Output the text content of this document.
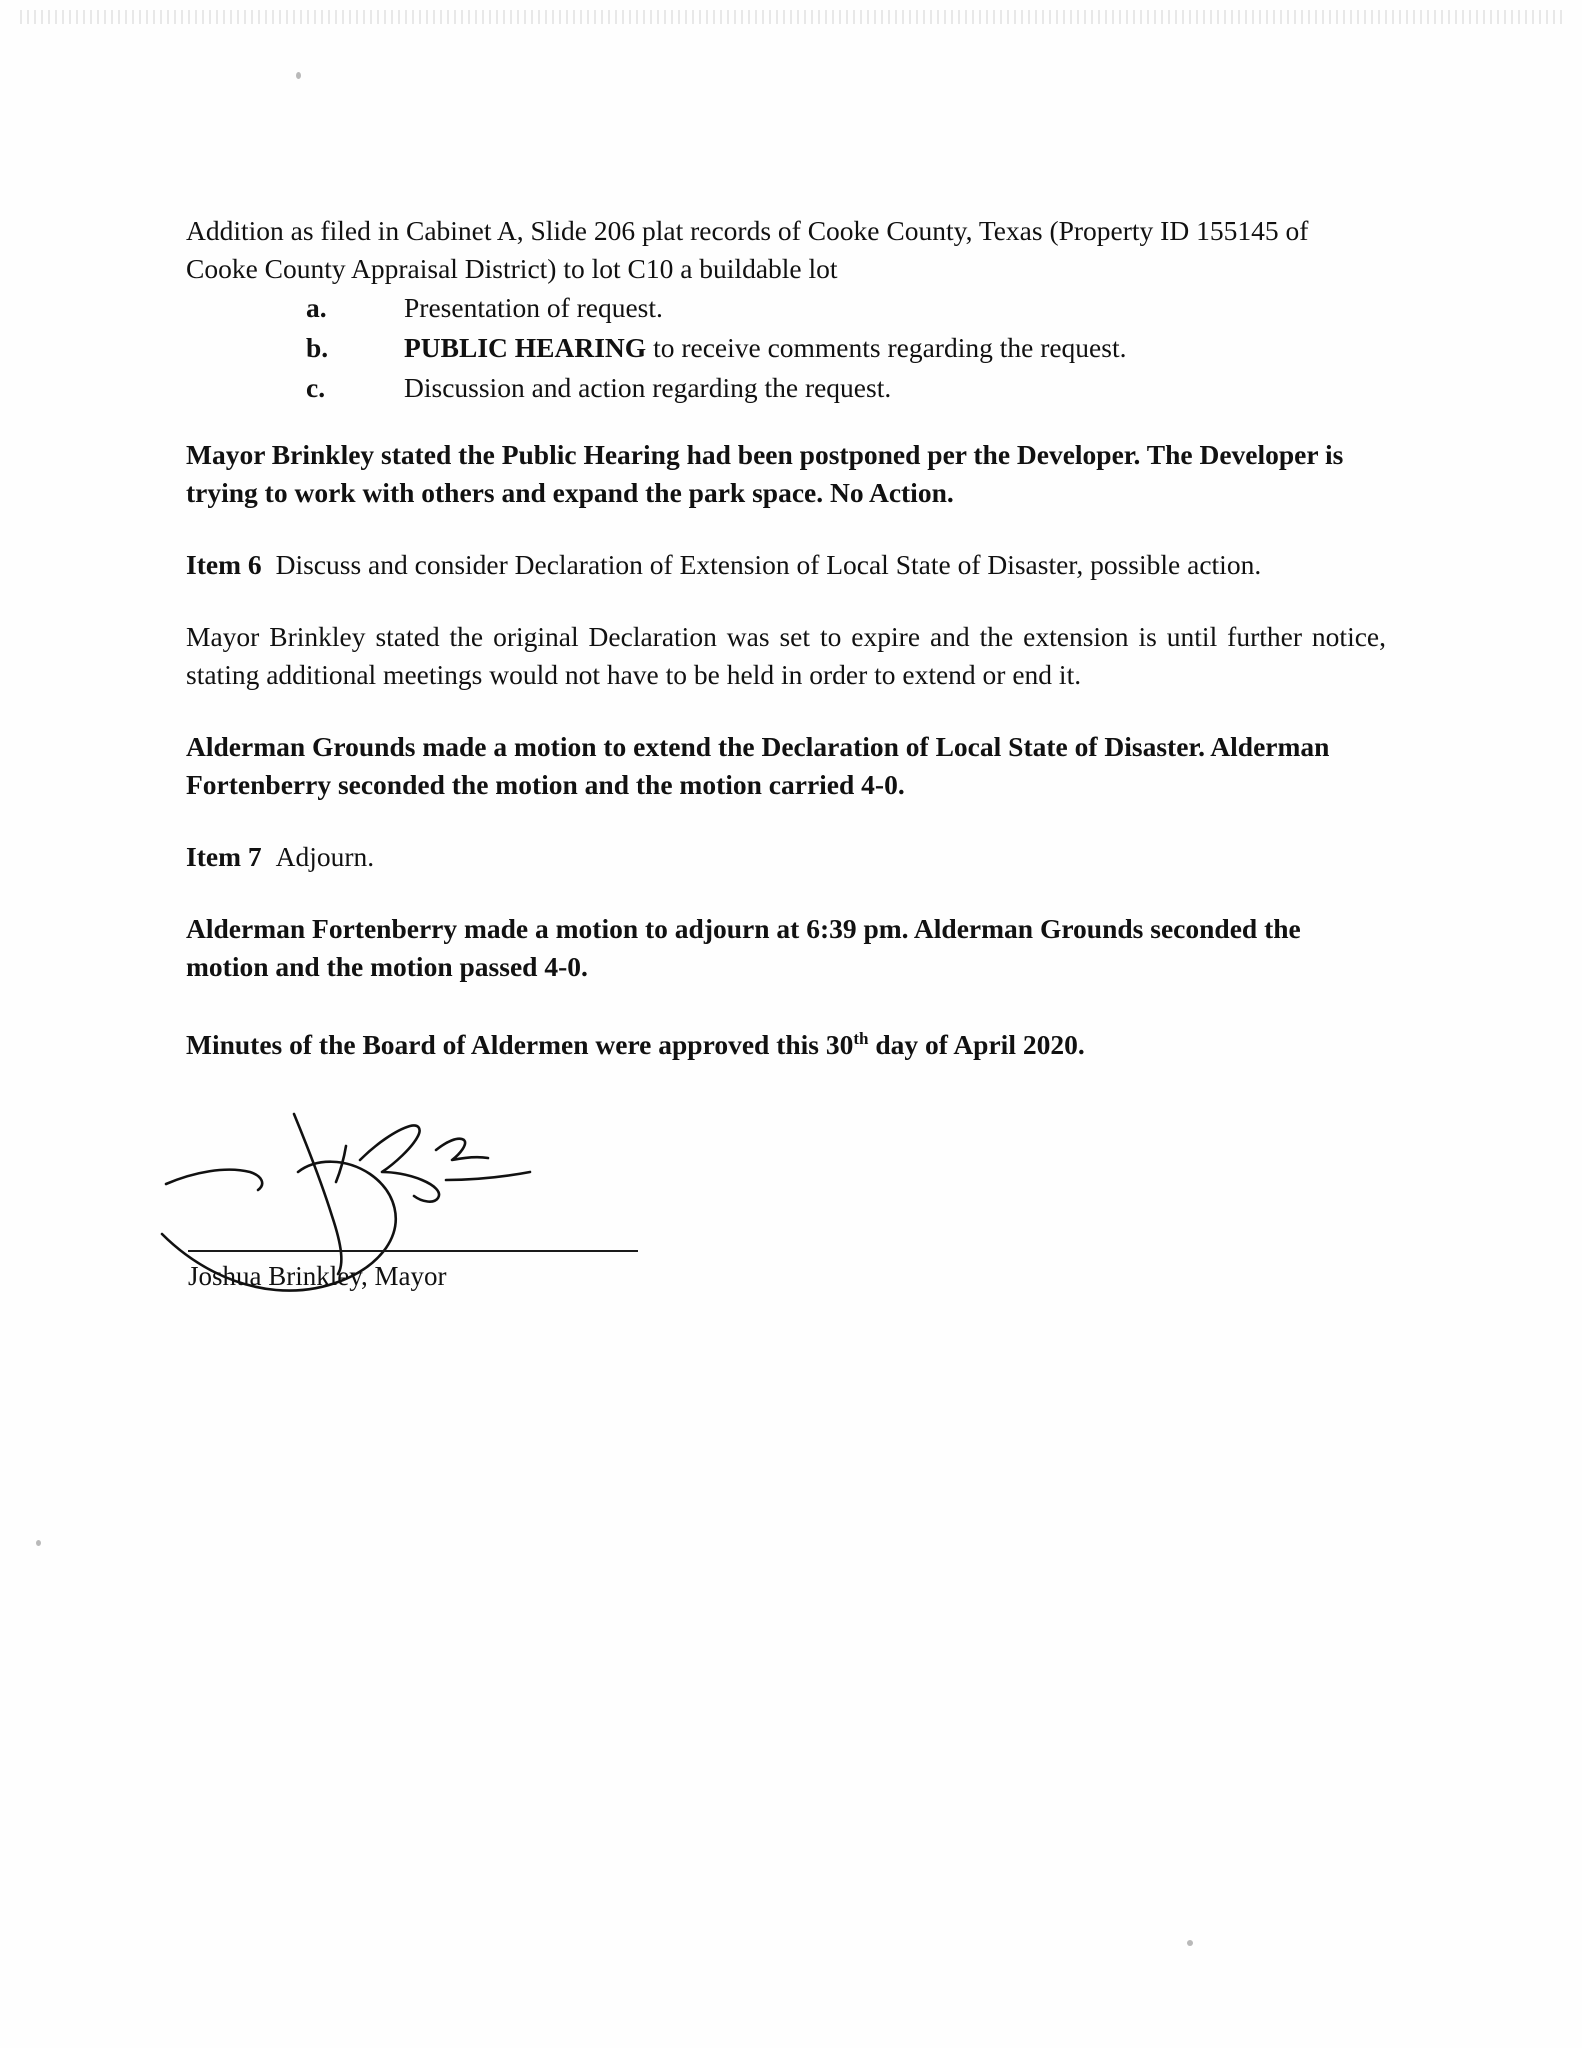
Addition as filed in Cabinet A, Slide 206 plat records of Cooke County, Texas (Property ID 155145 of Cooke County Appraisal District) to lot C10 a buildable lot

a.	Presentation of request.
b.	PUBLIC HEARING to receive comments regarding the request.
c.	Discussion and action regarding the request.

Mayor Brinkley stated the Public Hearing had been postponed per the Developer. The Developer is trying to work with others and expand the park space. No Action.

Item 6 Discuss and consider Declaration of Extension of Local State of Disaster, possible action.

Mayor Brinkley stated the original Declaration was set to expire and the extension is until further notice, stating additional meetings would not have to be held in order to extend or end it.

Alderman Grounds made a motion to extend the Declaration of Local State of Disaster. Alderman Fortenberry seconded the motion and the motion carried 4-0.

Item 7 Adjourn.

Alderman Fortenberry made a motion to adjourn at 6:39 pm. Alderman Grounds seconded the motion and the motion passed 4-0.

Minutes of the Board of Aldermen were approved this 30th day of April 2020.

Joshua Brinkley, Mayor
